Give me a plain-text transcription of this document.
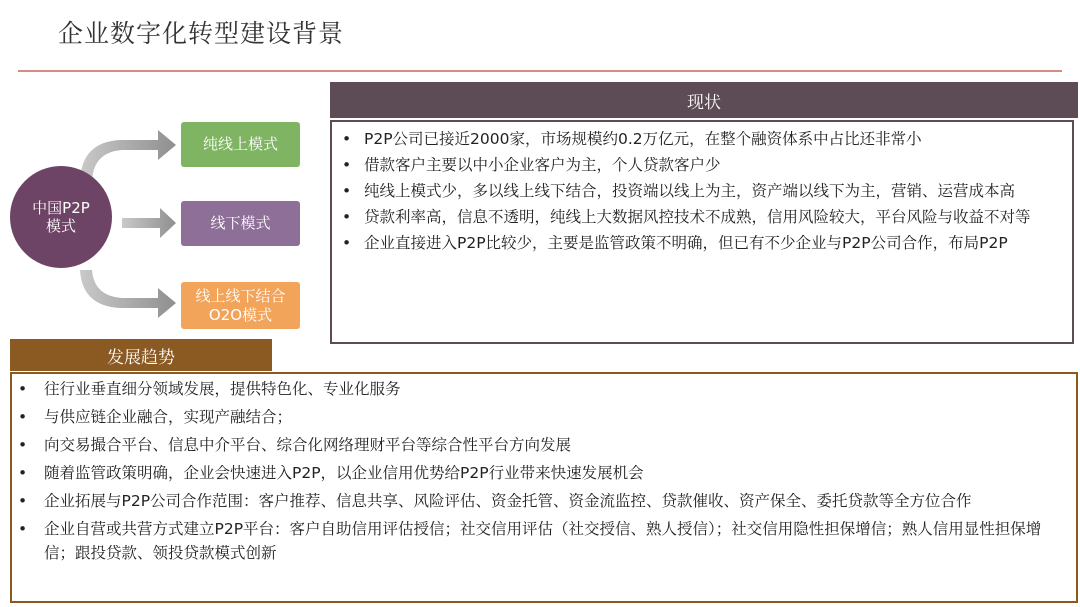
企业数字化转型建设背景
中国P2P模式
纯线上模式
线下模式
线上线下结合O2O模式
现状
• P2P公司已接近2000家，市场规模约0.2万亿元，在整个融资体系中占比还非常小
• 借款客户主要以中小企业客户为主，个人贷款客户少
• 纯线上模式少，多以线上线下结合，投资端以线上为主，资产端以线下为主，营销、运营成本高
• 贷款利率高，信息不透明，纯线上大数据风控技术不成熟，信用风险较大，平台风险与收益不对等
• 企业直接进入P2P比较少，主要是监管政策不明确，但已有不少企业与P2P公司合作，布局P2P
发展趋势
• 往行业垂直细分领域发展，提供特色化、专业化服务
• 与供应链企业融合，实现产融结合；
• 向交易撮合平台、信息中介平台、综合化网络理财平台等综合性平台方向发展
• 随着监管政策明确，企业会快速进入P2P，以企业信用优势给P2P行业带来快速发展机会
• 企业拓展与P2P公司合作范围：客户推荐、信息共享、风险评估、资金托管、资金流监控、贷款催收、资产保全、委托贷款等全方位合作
• 企业自营或共营方式建立P2P平台：客户自助信用评估授信；社交信用评估（社交授信、熟人授信）；社交信用隐性担保增信；熟人信用显性担保增信；跟投贷款、领投贷款模式创新
